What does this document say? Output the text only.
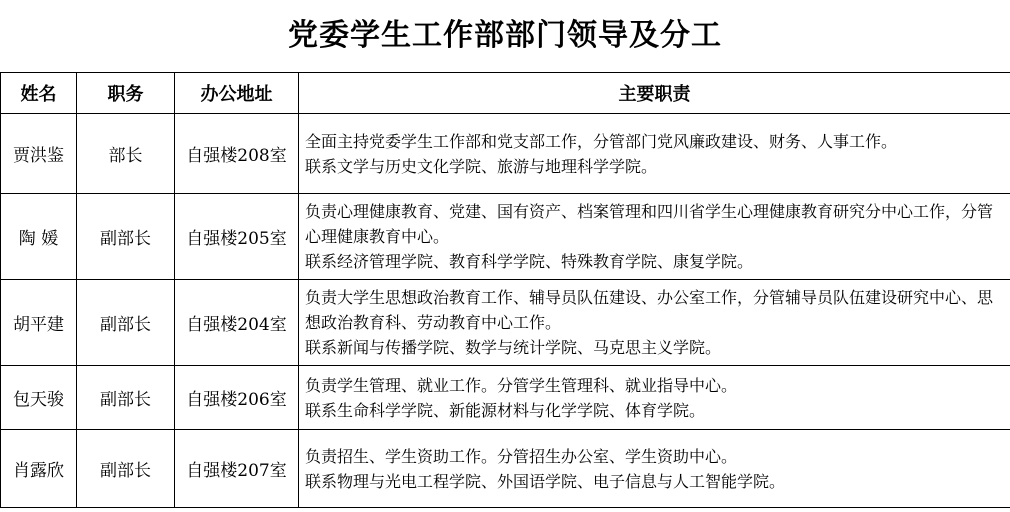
党委学生工作部部门领导及分工
姓名	职务	办公地址	主要职责
贾洪鉴	部长	自强楼208室	全面主持党委学生工作部和党支部工作，分管部门党风廉政建设、财务、人事工作。
联系文学与历史文化学院、旅游与地理科学学院。

陶 媛	副部长	自强楼205室	负责心理健康教育、党建、国有资产、档案管理和四川省学生心理健康教育研究分中心工作，分管心理健康教育中心。
联系经济管理学院、教育科学学院、特殊教育学院、康复学院。

胡平建	副部长	自强楼204室	负责大学生思想政治教育工作、辅导员队伍建设、办公室工作，分管辅导员队伍建设研究中心、思想政治教育科、劳动教育中心工作。
联系新闻与传播学院、数学与统计学院、马克思主义学院。

包天骏	副部长	自强楼206室	负责学生管理、就业工作。分管学生管理科、就业指导中心。
联系生命科学学院、新能源材料与化学学院、体育学院。

肖露欣	副部长	自强楼207室	负责招生、学生资助工作。分管招生办公室、学生资助中心。
联系物理与光电工程学院、外国语学院、电子信息与人工智能学院。
